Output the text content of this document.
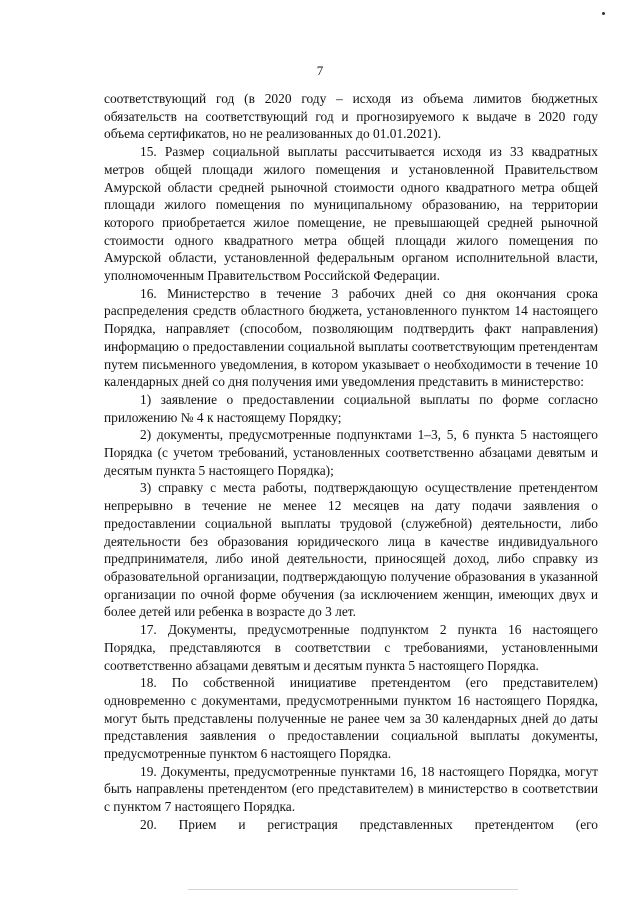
7

соответствующий год (в 2020 году – исходя из объема лимитов бюджетных обязательств на соответствующий год и прогнозируемого к выдаче в 2020 году объема сертификатов, но не реализованных до 01.01.2021).

15. Размер социальной выплаты рассчитывается исходя из 33 квадратных метров общей площади жилого помещения и установленной Правительством Амурской области средней рыночной стоимости одного квадратного метра общей площади жилого помещения по муниципальному образованию, на территории которого приобретается жилое помещение, не превышающей средней рыночной стоимости одного квадратного метра общей площади жилого помещения по Амурской области, установленной федеральным органом исполнительной власти, уполномоченным Правительством Российской Федерации.

16. Министерство в течение 3 рабочих дней со дня окончания срока распределения средств областного бюджета, установленного пунктом 14 настоящего Порядка, направляет (способом, позволяющим подтвердить факт направления) информацию о предоставлении социальной выплаты соответствующим претендентам путем письменного уведомления, в котором указывает о необходимости в течение 10 календарных дней со дня получения ими уведомления представить в министерство:

1) заявление о предоставлении социальной выплаты по форме согласно приложению № 4 к настоящему Порядку;

2) документы, предусмотренные подпунктами 1–3, 5, 6 пункта 5 настоящего Порядка (с учетом требований, установленных соответственно абзацами девятым и десятым пункта 5 настоящего Порядка);

3) справку с места работы, подтверждающую осуществление претендентом непрерывно в течение не менее 12 месяцев на дату подачи заявления о предоставлении социальной выплаты трудовой (служебной) деятельности, либо деятельности без образования юридического лица в качестве индивидуального предпринимателя, либо иной деятельности, приносящей доход, либо справку из образовательной организации, подтверждающую получение образования в указанной организации по очной форме обучения (за исключением женщин, имеющих двух и более детей или ребенка в возрасте до 3 лет.

17. Документы, предусмотренные подпунктом 2 пункта 16 настоящего Порядка, представляются в соответствии с требованиями, установленными соответственно абзацами девятым и десятым пункта 5 настоящего Порядка.

18. По собственной инициативе претендентом (его представителем) одновременно с документами, предусмотренными пунктом 16 настоящего Порядка, могут быть представлены полученные не ранее чем за 30 календарных дней до даты представления заявления о предоставлении социальной выплаты документы, предусмотренные пунктом 6 настоящего Порядка.

19. Документы, предусмотренные пунктами 16, 18 настоящего Порядка, могут быть направлены претендентом (его представителем) в министерство в соответствии с пунктом 7 настоящего Порядка.

20. Прием и регистрация представленных претендентом (его
